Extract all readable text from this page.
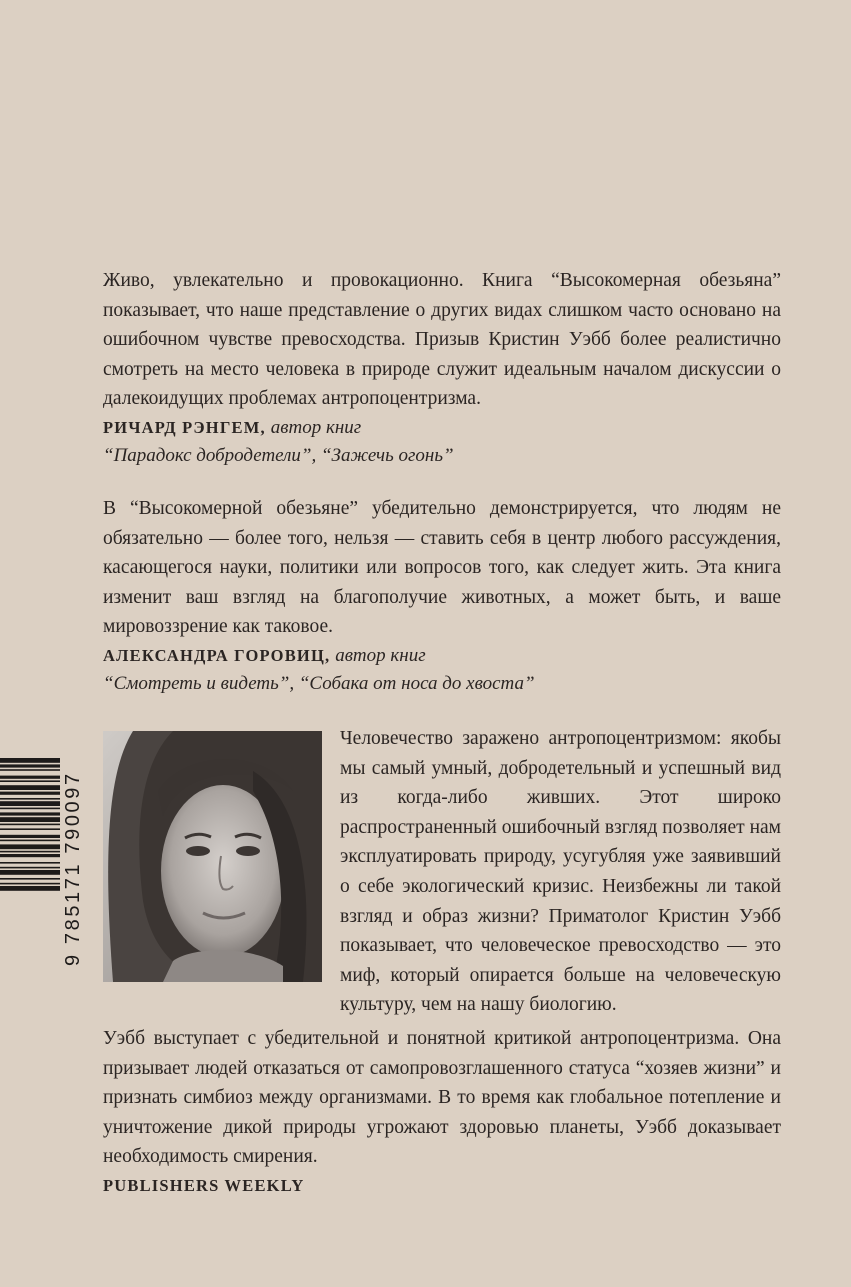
Живо, увлекательно и провокационно. Книга “Высокомерная обезьяна” показывает, что наше представление о других видах слишком часто основано на ошибочном чувстве превосходства. Призыв Кристин Уэбб более реалистично смотреть на место человека в природе служит идеальным началом дискуссии о далекоидущих проблемах антропоцентризма.

РИЧАРД РЭНГЕМ, автор книг

“Парадокс добродетели”, “Зажечь огонь”

В “Высокомерной обезьяне” убедительно демонстрируется, что людям не обязательно — более того, нельзя — ставить себя в центр любого рассуждения, касающегося науки, политики или вопросов того, как следует жить. Эта книга изменит ваш взгляд на благополучие животных, а может быть, и ваше мировоззрение как таковое.

АЛЕКСАНДРА ГОРОВИЦ, автор книг

“Смотреть и видеть”, “Собака от носа до хвоста”

Человечество заражено антропоцентризмом: якобы мы самый умный, добродетельный и успешный вид из когда-либо живших. Этот широко распространенный ошибочный взгляд позволяет нам эксплуатировать природу, усугубляя уже заявивший о себе экологический кризис. Неизбежны ли такой взгляд и образ жизни? Приматолог Кристин Уэбб показывает, что человеческое превосходство — это миф, который опирается больше на человеческую культуру, чем на нашу биологию.

Уэбб выступает с убедительной и понятной критикой антропоцентризма. Она призывает людей отказаться от самопровозглашенного статуса “хозяев жизни” и признать симбиоз между организмами. В то время как глобальное потепление и уничтожение дикой природы угрожают здоровью планеты, Уэбб доказывает необходимость смирения.

PUBLISHERS WEEKLY

9 785171 790097
